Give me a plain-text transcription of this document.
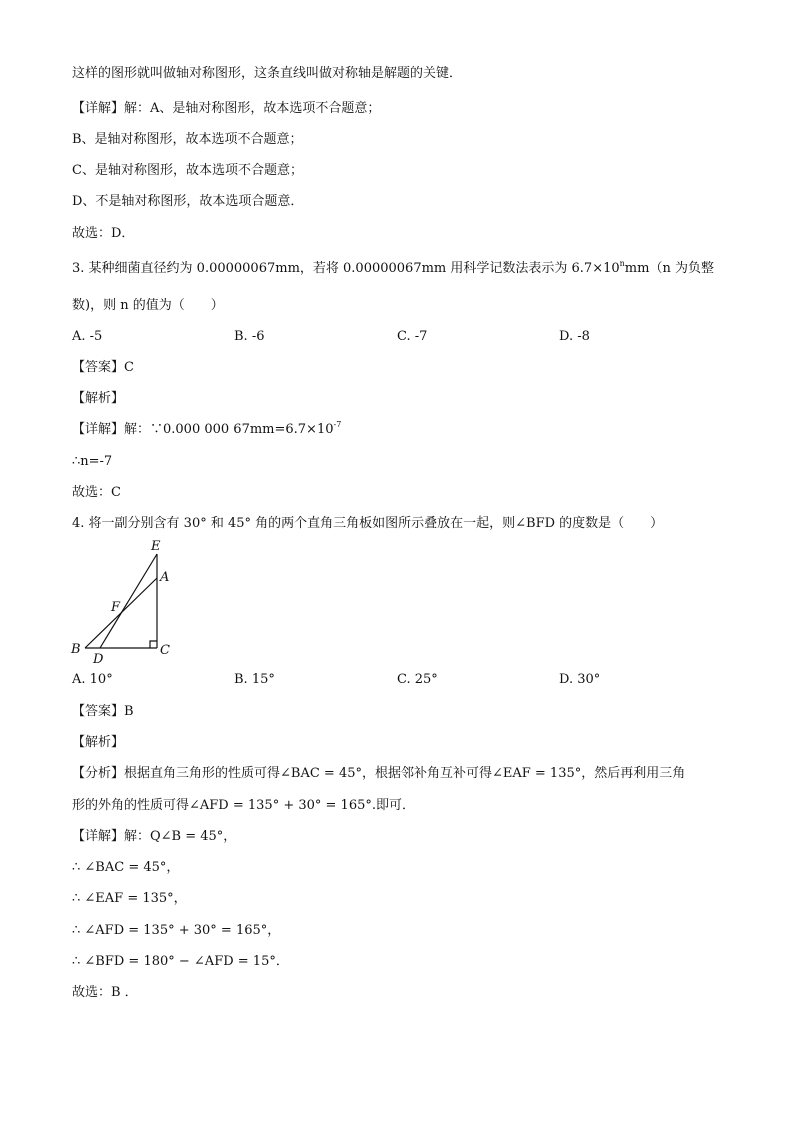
这样的图形就叫做轴对称图形，这条直线叫做对称轴是解题的关键．
【详解】解：A、是轴对称图形，故本选项不合题意；
B、是轴对称图形，故本选项不合题意；
C、是轴对称图形，故本选项不合题意；
D、不是轴对称图形，故本选项合题意．
故选：D．
3. 某种细菌直径约为 0.00000067mm，若将 0.00000067mm 用科学记数法表示为 $6.7\times 10^nmm(n$ 为负整
数)，则 n 的值为（　　）
A. -5	B. -6	C. -7	D. -8
【答案】C
【解析】
【详解】解：∵0.000 000 $67mm=6.7\times 10^{-7}$
∴n=-7
故选：C
4. 将一副分别含有 30° 和 45° 角的两个直角三角板如图所示叠放在一起，则∠BFD 的度数是（　　）
E
A
F
B
D
C
A. 10°	B. 15°	C. 25°	D. 30°
【答案】B
【解析】
【分析】根据直角三角形的性质可得∠BAC = 45°，根据邻补角互补可得∠EAF = 135°，然后再利用三角
形的外角的性质可得∠AFD = 135° + 30° = 165°.即可．
【详解】解：Q∠B = 45°，
∴ ∠BAC = 45°，
∴ ∠EAF = 135°，
∴ ∠AFD = 135° + 30° = 165°，
∴ ∠BFD = 180° − ∠AFD = 15°．
故选：B ．
